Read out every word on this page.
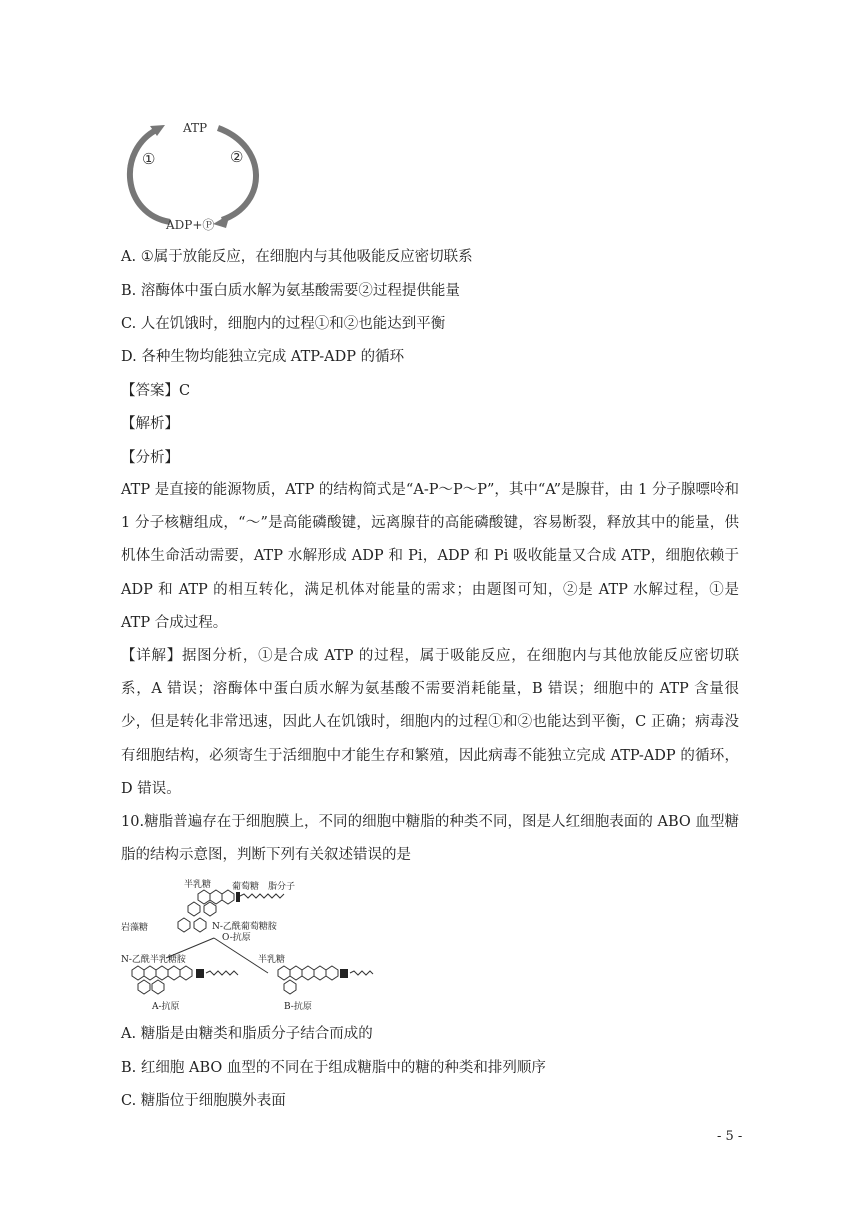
ATP
①	②
ADP+Ⓟ
A. ①属于放能反应，在细胞内与其他吸能反应密切联系
B. 溶酶体中蛋白质水解为氨基酸需要②过程提供能量
C. 人在饥饿时，细胞内的过程①和②也能达到平衡
D. 各种生物均能独立完成 ATP-ADP 的循环
【答案】C
【解析】
【分析】
ATP 是直接的能源物质，ATP 的结构简式是“A-P～P～P”，其中“A”是腺苷，由 1 分子腺嘌呤和 1 分子核糖组成，“～”是高能磷酸键，远离腺苷的高能磷酸键，容易断裂，释放其中的能量，供机体生命活动需要，ATP 水解形成 ADP 和 Pi，ADP 和 Pi 吸收能量又合成 ATP，细胞依赖于 ADP 和 ATP 的相互转化，满足机体对能量的需求；由题图可知，②是 ATP 水解过程，①是 ATP 合成过程。
【详解】据图分析，①是合成 ATP 的过程，属于吸能反应，在细胞内与其他放能反应密切联系，A 错误；溶酶体中蛋白质水解为氨基酸不需要消耗能量，B 错误；细胞中的 ATP 含量很少，但是转化非常迅速，因此人在饥饿时，细胞内的过程①和②也能达到平衡，C 正确；病毒没有细胞结构，必须寄生于活细胞中才能生存和繁殖，因此病毒不能独立完成 ATP-ADP 的循环，D 错误。
10.糖脂普遍存在于细胞膜上，不同的细胞中糖脂的种类不同，图是人红细胞表面的 ABO 血型糖脂的结构示意图，判断下列有关叙述错误的是
半乳糖 葡萄糖 脂分子
岩藻糖	N-乙酰葡萄糖胺
O-抗原
N-乙酰半乳糖胺	半乳糖
A-抗原	B-抗原
A. 糖脂是由糖类和脂质分子结合而成的
B. 红细胞 ABO 血型的不同在于组成糖脂中的糖的种类和排列顺序
C. 糖脂位于细胞膜外表面
- 5 -
